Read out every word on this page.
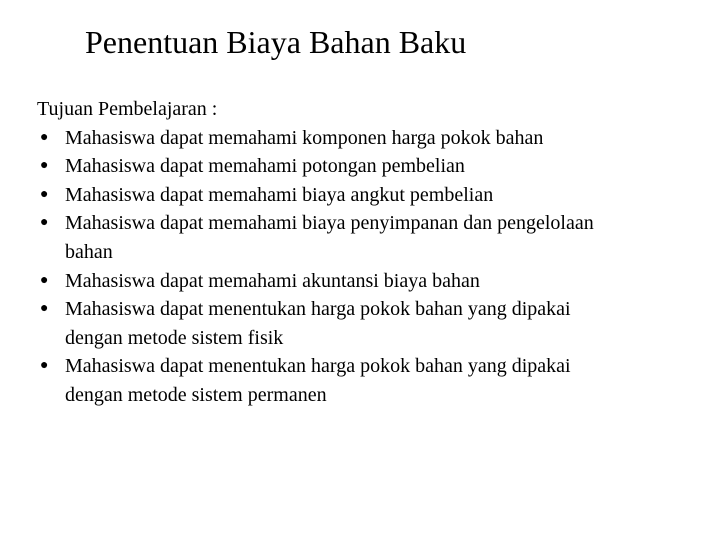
Penentuan Biaya Bahan Baku

Tujuan Pembelajaran :

● Mahasiswa dapat memahami komponen harga pokok bahan
● Mahasiswa dapat memahami potongan pembelian
● Mahasiswa dapat memahami biaya angkut pembelian
● Mahasiswa dapat memahami biaya penyimpanan dan pengelolaan
bahan
● Mahasiswa dapat memahami akuntansi biaya bahan
● Mahasiswa dapat menentukan harga pokok bahan yang dipakai
dengan metode sistem fisik
● Mahasiswa dapat menentukan harga pokok bahan yang dipakai
dengan metode sistem permanen
